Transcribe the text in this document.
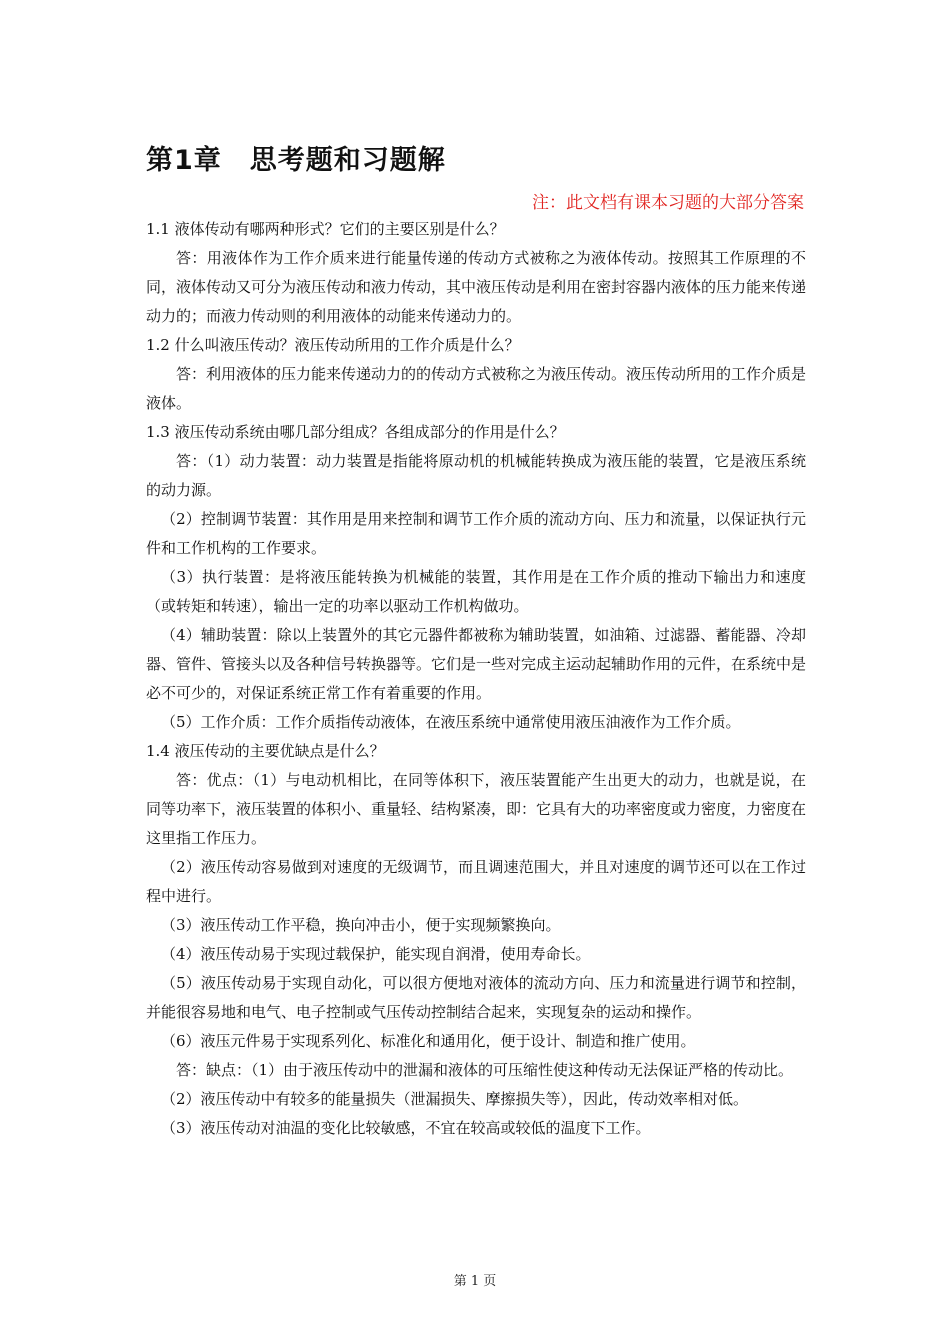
第1章　思考题和习题解
注：此文档有课本习题的大部分答案

1.1 液体传动有哪两种形式？它们的主要区别是什么？

答：用液体作为工作介质来进行能量传递的传动方式被称之为液体传动。按照其工作原理的不同，液体传动又可分为液压传动和液力传动，其中液压传动是利用在密封容器内液体的压力能来传递动力的；而液力传动则的利用液体的动能来传递动力的。

1.2 什么叫液压传动？液压传动所用的工作介质是什么？

答：利用液体的压力能来传递动力的的传动方式被称之为液压传动。液压传动所用的工作介质是液体。

1.3 液压传动系统由哪几部分组成？各组成部分的作用是什么？

答：（1）动力装置：动力装置是指能将原动机的机械能转换成为液压能的装置，它是液压系统的动力源。

（2）控制调节装置：其作用是用来控制和调节工作介质的流动方向、压力和流量，以保证执行元件和工作机构的工作要求。

（3）执行装置：是将液压能转换为机械能的装置，其作用是在工作介质的推动下输出力和速度（或转矩和转速），输出一定的功率以驱动工作机构做功。

（4）辅助装置：除以上装置外的其它元器件都被称为辅助装置，如油箱、过滤器、蓄能器、冷却器、管件、管接头以及各种信号转换器等。它们是一些对完成主运动起辅助作用的元件，在系统中是必不可少的，对保证系统正常工作有着重要的作用。

（5）工作介质：工作介质指传动液体，在液压系统中通常使用液压油液作为工作介质。

1.4 液压传动的主要优缺点是什么？

答：优点：（1）与电动机相比，在同等体积下，液压装置能产生出更大的动力，也就是说，在同等功率下，液压装置的体积小、重量轻、结构紧凑，即：它具有大的功率密度或力密度，力密度在这里指工作压力。

（2）液压传动容易做到对速度的无级调节，而且调速范围大，并且对速度的调节还可以在工作过程中进行。

（3）液压传动工作平稳，换向冲击小，便于实现频繁换向。

（4）液压传动易于实现过载保护，能实现自润滑，使用寿命长。

（5）液压传动易于实现自动化，可以很方便地对液体的流动方向、压力和流量进行调节和控制，并能很容易地和电气、电子控制或气压传动控制结合起来，实现复杂的运动和操作。

（6）液压元件易于实现系列化、标准化和通用化，便于设计、制造和推广使用。

答：缺点：（1）由于液压传动中的泄漏和液体的可压缩性使这种传动无法保证严格的传动比。

（2）液压传动中有较多的能量损失（泄漏损失、摩擦损失等），因此，传动效率相对低。

（3）液压传动对油温的变化比较敏感，不宜在较高或较低的温度下工作。

第 1 页
